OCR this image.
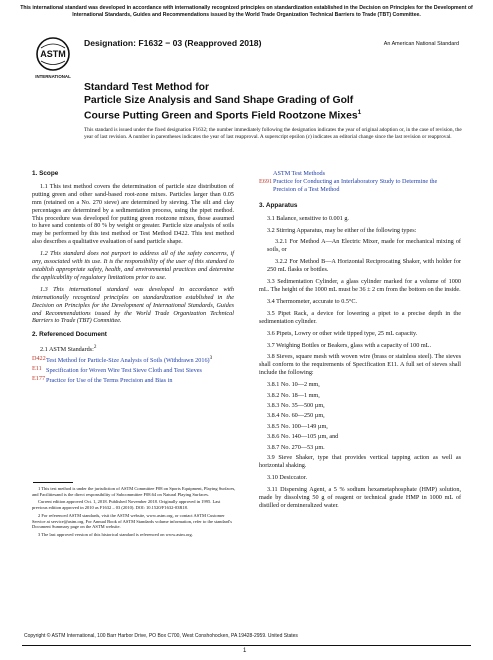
This international standard was developed in accordance with internationally recognized principles on standardization established in the Decision on Principles for the Development of International Standards, Guides and Recommendations issued by the World Trade Organization Technical Barriers to Trade (TBT) Committee.
ASTM
INTERNATIONAL
Designation: F1632 − 03 (Reapproved 2018)	An American National Standard
Standard Test Method for
Particle Size Analysis and Sand Shape Grading of Golf
Course Putting Green and Sports Field Rootzone Mixes$^1$
This standard is issued under the fixed designation F1632; the number immediately following the designation indicates the year of original adoption or, in the case of revision, the year of last revision. A number in parentheses indicates the year of last reapproval. A superscript epsilon (ε) indicates an editorial change since the last revision or reapproval.
1. Scope

1.1 This test method covers the determination of particle size distribution of putting green and other sand-based root-zone mixes. Particles larger than 0.05 mm (retained on a No. 270 sieve) are determined by sieving. The silt and clay percentages are determined by a sedimentation process, using the pipet method. This procedure was developed for putting green rootzone mixes, those assumed to have sand contents of 80 % by weight or greater. Particle size analysis of soils may be performed by this test method or Test Method D422. This test method also describes a qualitative evaluation of sand particle shape.

1.2 This standard does not purport to address all of the safety concerns, if any, associated with its use. It is the responsibility of the user of this standard to establish appropriate safety, health, and environmental practices and determine the applicability of regulatory limitations prior to use.

1.3 This international standard was developed in accordance with internationally recognized principles on standardization established in the Decision on Principles for the Development of International Standards, Guides and Recommendations issued by the World Trade Organization Technical Barriers to Trade (TBT) Committee.

2. Referenced Document

2.1 ASTM Standards:$^2$

D422 Test Method for Particle-Size Analysis of Soils (Withdrawn 2016)$^3$
E11 Specification for Woven Wire Test Sieve Cloth and Test Sieves
E177 Practice for Use of the Terms Precision and Bias in

1 This test method is under the jurisdiction of ASTM Committee F08 on Sports Equipment, Playing Surfaces, and Facilitiesand is the direct responsibility of Subcommittee F08.64 on Natural Playing Surfaces.

Current edition approved Oct. 1, 2018. Published November 2018. Originally approved in 1995. Last previous edition approved in 2010 as F1632 – 03 (2010). DOI: 10.1520/F1632-03R18.

2 For referenced ASTM standards, visit the ASTM website, www.astm.org, or contact ASTM Customer Service at service@astm.org. For Annual Book of ASTM Standards volume information, refer to the standard's Document Summary page on the ASTM website.

3 The last approved version of this historical standard is referenced on www.astm.org.

ASTM Test Methods
E691 Practice for Conducting an Interlaboratory Study to Determine the Precision of a Test Method
3. Apparatus

3.1 Balance, sensitive to 0.001 g.

3.2 Stirring Apparatus, may be either of the following types:

3.2.1 For Method A—An Electric Mixer, made for mechanical mixing of soils, or

3.2.2 For Method B—A Horizontal Reciprocating Shaker, with holder for 250 mL flasks or bottles.

3.3 Sedimentation Cylinder, a glass cylinder marked for a volume of 1000 mL. The height of the 1000 mL must be 36 ± 2 cm from the bottom on the inside.

3.4 Thermometer, accurate to 0.5°C.

3.5 Pipet Rack, a device for lowering a pipet to a precise depth in the sedimentation cylinder.

3.6 Pipets, Lowry or other wide tipped type, 25 mL capacity.

3.7 Weighing Bottles or Beakers, glass with a capacity of 100 mL.

3.8 Sieves, square mesh with woven wire (brass or stainless steel). The sieves shall conform to the requirements of Specification E11. A full set of sieves shall include the following:

3.8.1 No. 10—2 mm,
3.8.2 No. 18—1 mm,
3.8.3 No. 35—500 µm,
3.8.4 No. 60—250 µm,
3.8.5 No. 100—149 µm,
3.8.6 No. 140—105 µm, and
3.8.7 No. 270—53 µm.

3.9 Sieve Shaker, type that provides vertical tapping action as well as horizontal shaking.

3.10 Desiccator.

3.11 Dispersing Agent, a 5 % sodium hexametaphosphate (HMP) solution, made by dissolving 50 g of reagent or technical grade HMP in 1000 mL of distilled or demineralized water.

Copyright © ASTM International, 100 Barr Harbor Drive, PO Box C700, West Conshohocken, PA 19428-2959. United States
1
